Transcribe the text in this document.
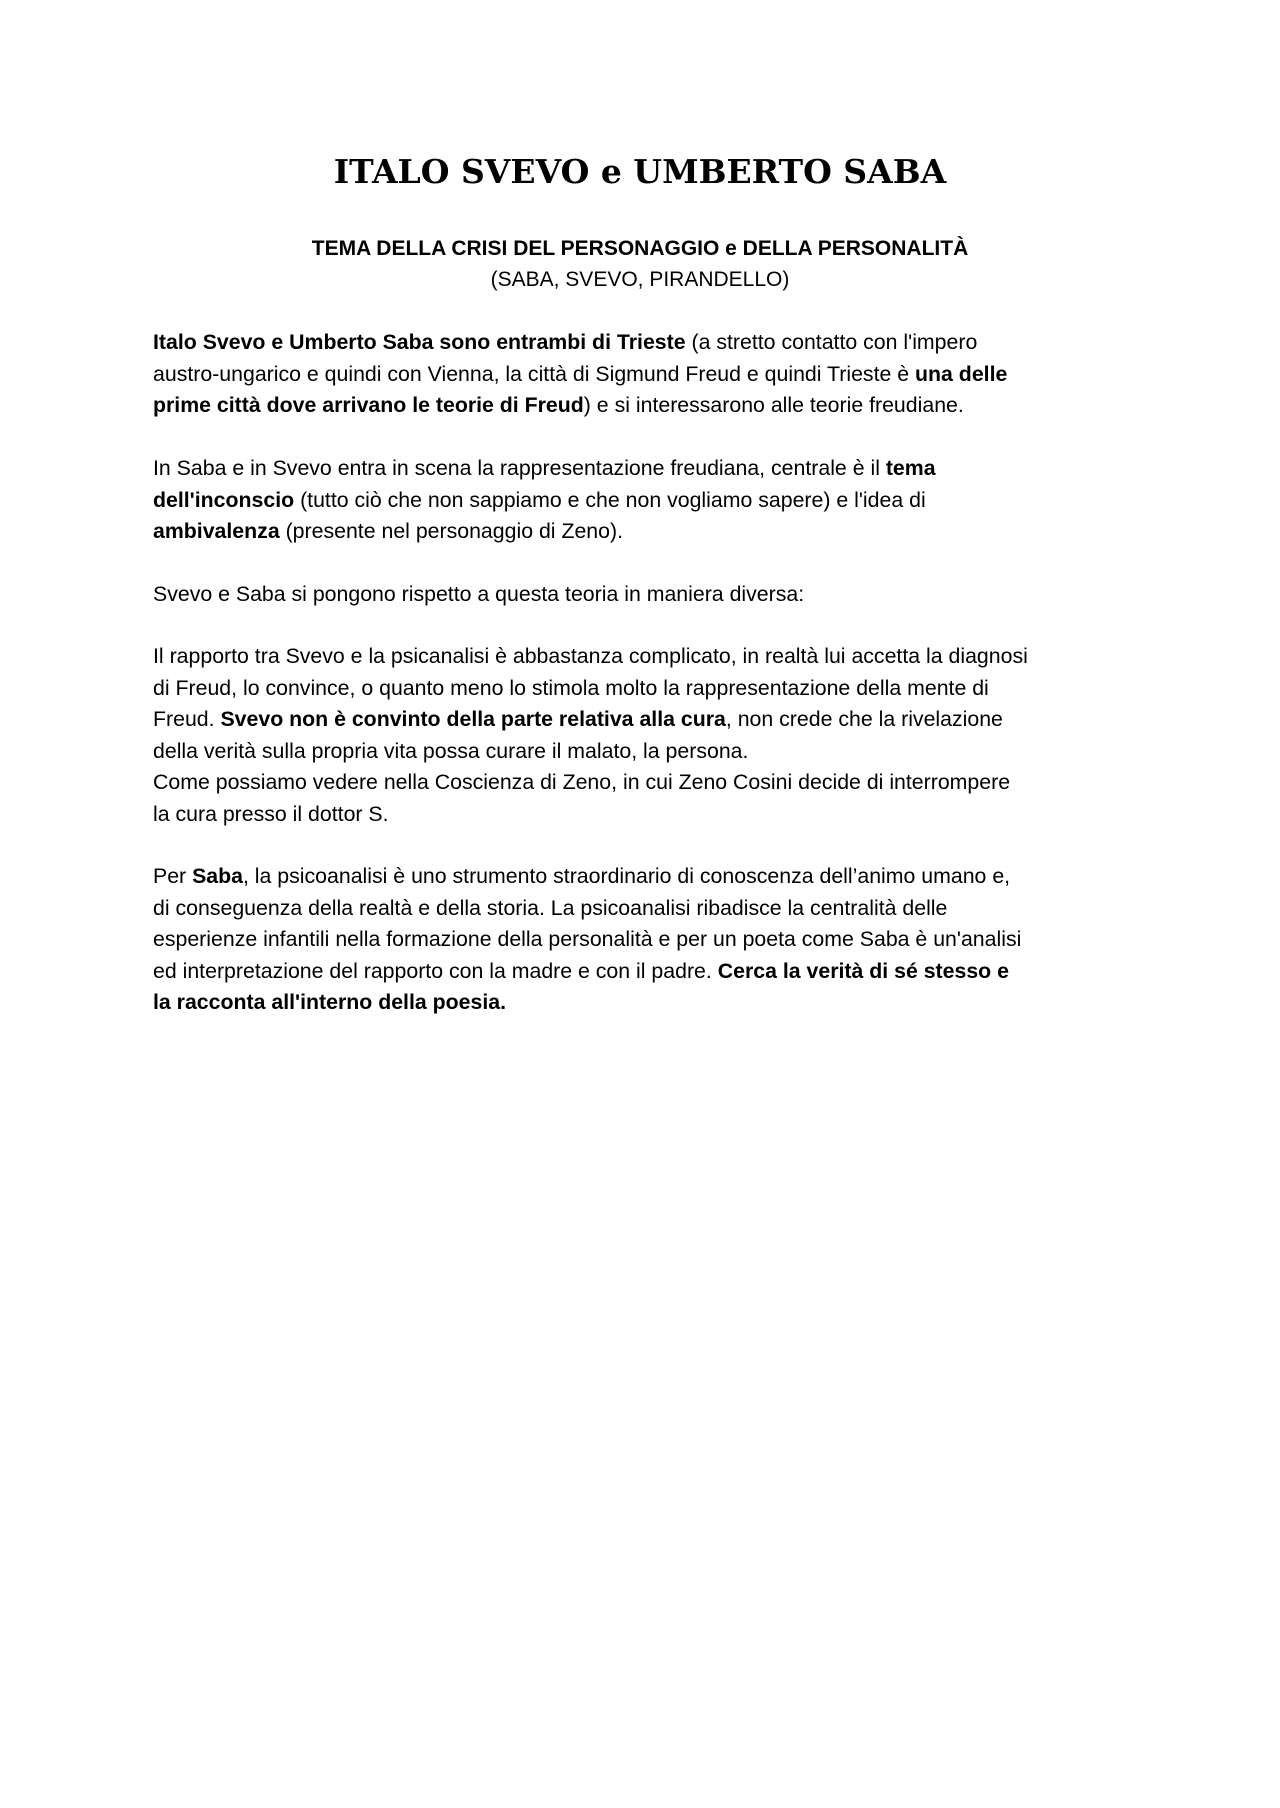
ITALO SVEVO e UMBERTO SABA
TEMA DELLA CRISI DEL PERSONAGGIO e DELLA PERSONALITÀ
(SABA, SVEVO, PIRANDELLO)

Italo Svevo e Umberto Saba sono entrambi di Trieste (a stretto contatto con l'impero
austro-ungarico e quindi con Vienna, la città di Sigmund Freud e quindi Trieste è una delle
prime città dove arrivano le teorie di Freud) e si interessarono alle teorie freudiane.

In Saba e in Svevo entra in scena la rappresentazione freudiana, centrale è il tema
dell'inconscio (tutto ciò che non sappiamo e che non vogliamo sapere) e l'idea di
ambivalenza (presente nel personaggio di Zeno).

Svevo e Saba si pongono rispetto a questa teoria in maniera diversa:

Il rapporto tra Svevo e la psicanalisi è abbastanza complicato, in realtà lui accetta la diagnosi
di Freud, lo convince, o quanto meno lo stimola molto la rappresentazione della mente di
Freud. Svevo non è convinto della parte relativa alla cura, non crede che la rivelazione
della verità sulla propria vita possa curare il malato, la persona.
Come possiamo vedere nella Coscienza di Zeno, in cui Zeno Cosini decide di interrompere
la cura presso il dottor S.

Per Saba, la psicoanalisi è uno strumento straordinario di conoscenza dell’animo umano e,
di conseguenza della realtà e della storia. La psicoanalisi ribadisce la centralità delle
esperienze infantili nella formazione della personalità e per un poeta come Saba è un'analisi
ed interpretazione del rapporto con la madre e con il padre. Cerca la verità di sé stesso e
la racconta all'interno della poesia.
